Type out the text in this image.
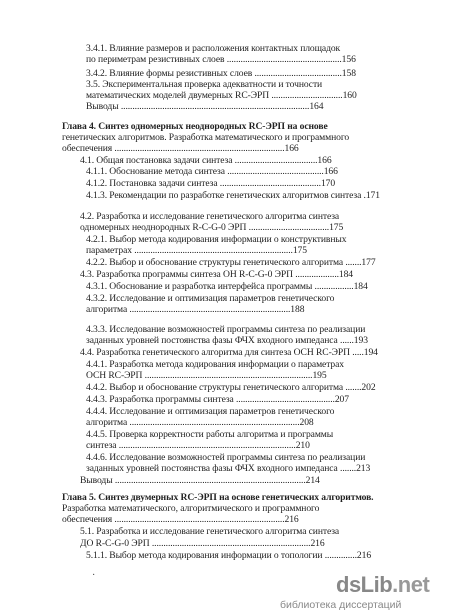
3.4.1. Влияние размеров и расположения контактных площадок
по периметрам резистивных слоев ..................................................156
3.4.2. Влияние формы резистивных слоев ......................................158
3.5. Экспериментальная проверка адекватности и точности
математических моделей двумерных RC-ЭРП ...............................160
Выводы ..................................................................................164
Глава 4. Синтез одномерных неоднородных RC-ЭРП на основе
генетических алгоритмов. Разработка математического и программного
обеспечения ..........................................................................166
4.1. Общая постановка задачи синтеза ....................................166
4.1.1. Обоснование метода синтеза ..........................................166
4.1.2. Постановка задачи синтеза ............................................170
4.1.3. Рекомендации по разработке генетических алгоритмов синтеза .171
4.2. Разработка и исследование генетического алгоритма синтеза
одномерных неоднородных R-C-G-0 ЭРП ...................................175
4.2.1. Выбор метода кодирования информации о конструктивных
параметрах .....................................................................175
4.2.2. Выбор и обоснование структуры генетического алгоритма .......177
4.3. Разработка программы синтеза ОН R-C-G-0 ЭРП ...................184
4.3.1. Обоснование и разработка интерфейса программы .................184
4.3.2. Исследование и оптимизация параметров генетического
алгоритма ......................................................................188
4.3.3. Исследование возможностей программы синтеза по реализации
заданных уровней постоянства фазы ФЧХ входного импеданса ......193
4.4. Разработка генетического алгоритма для синтеза ОСН RC-ЭРП .....194
4.4.1. Разработка метода кодирования информации о параметрах
ОСН RC-ЭРП .........................................................................195
4.4.2. Выбор и обоснование структуры генетического алгоритма .......202
4.4.3. Разработка программы синтеза ...........................................207
4.4.4. Исследование и оптимизация параметров генетического
алгоритма ..........................................................................208
4.4.5. Проверка корректности работы алгоритма и программы
синтеза .............................................................................210
4.4.6. Исследование возможностей программы синтеза по реализации
заданных уровней постоянства фазы ФЧХ входного импеданса .......213
Выводы ...................................................................................214
Глава 5. Синтез двумерных RC-ЭРП на основе генетических алгоритмов.
Разработка математического, алгоритмического и программного
обеспечения ..........................................................................216
5.1. Разработка и исследование генетического алгоритма синтеза
ДО R-C-G-0 ЭРП .....................................................................216
5.1.1. Выбор метода кодирования информации о топологии ..............216
·	dsLib.net
библиотека диссертаций
